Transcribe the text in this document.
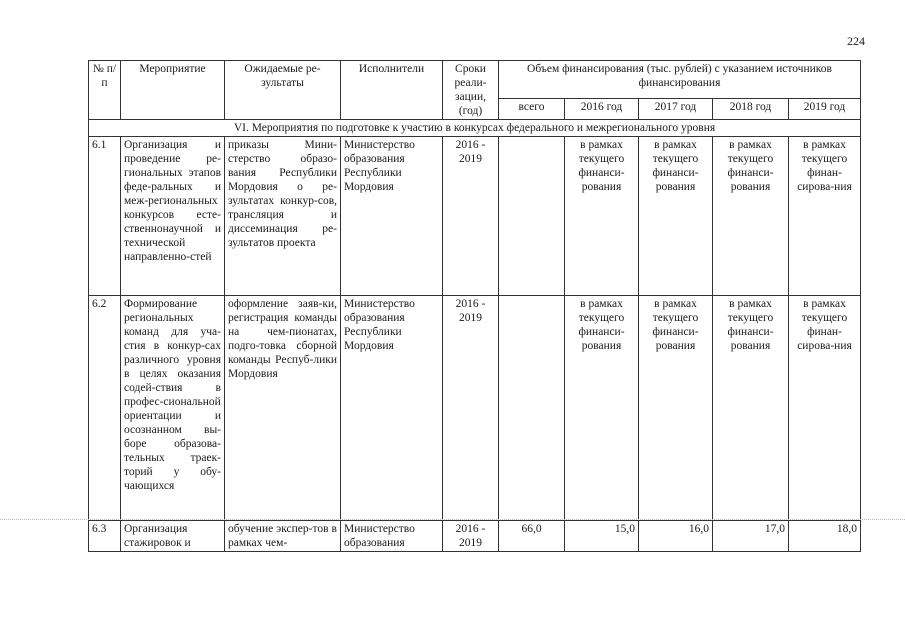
224
№ п/п	Мероприятие	Ожидаемые ре-зультаты	Исполнители	Сроки реали-зации, (год)	Объем финансирования (тыс. рублей) с указанием источников финансирования				
					всего	2016 год	2017 год	2018 год	2019 год
VI. Мероприятия по подготовке к участию в конкурсах федерального и межрегионального уровня									
6.1	Организация и проведение ре-гиональных этапов феде-ральных и меж-региональных конкурсов есте-ственнонаучной и технической направленно-стей	приказы Мини-стерство образо-вания Республики Мордовия о ре-зультатах конкур-сов, трансляция и диссеминация ре-зультатов проекта	Министерство образования Республики Мордовия	2016 - 2019		в рамках текущего финанси-рования	в рамках текущего финанси-рования	в рамках текущего финанси-рования	в рамках текущего финан-сирова-ния
6.2	Формирование региональных команд для уча-стия в конкур-сах различного уровня в целях оказания содей-ствия в профес-сиональной ориентации и осознанном вы-боре образова-тельных траек-торий у обу-чающихся	оформление заяв-ки, регистрация команды на чем-пионатах, подго-товка сборной команды Респуб-лики Мордовия	Министерство образования Республики Мордовия	2016 - 2019		в рамках текущего финанси-рования	в рамках текущего финанси-рования	в рамках текущего финанси-рования	в рамках текущего финан-сирова-ния
6.3	Организация стажировок и	обучение экспер-тов в рамках чем-	Министерство образования	2016 - 2019	66,0	15,0	16,0	17,0	18,0
